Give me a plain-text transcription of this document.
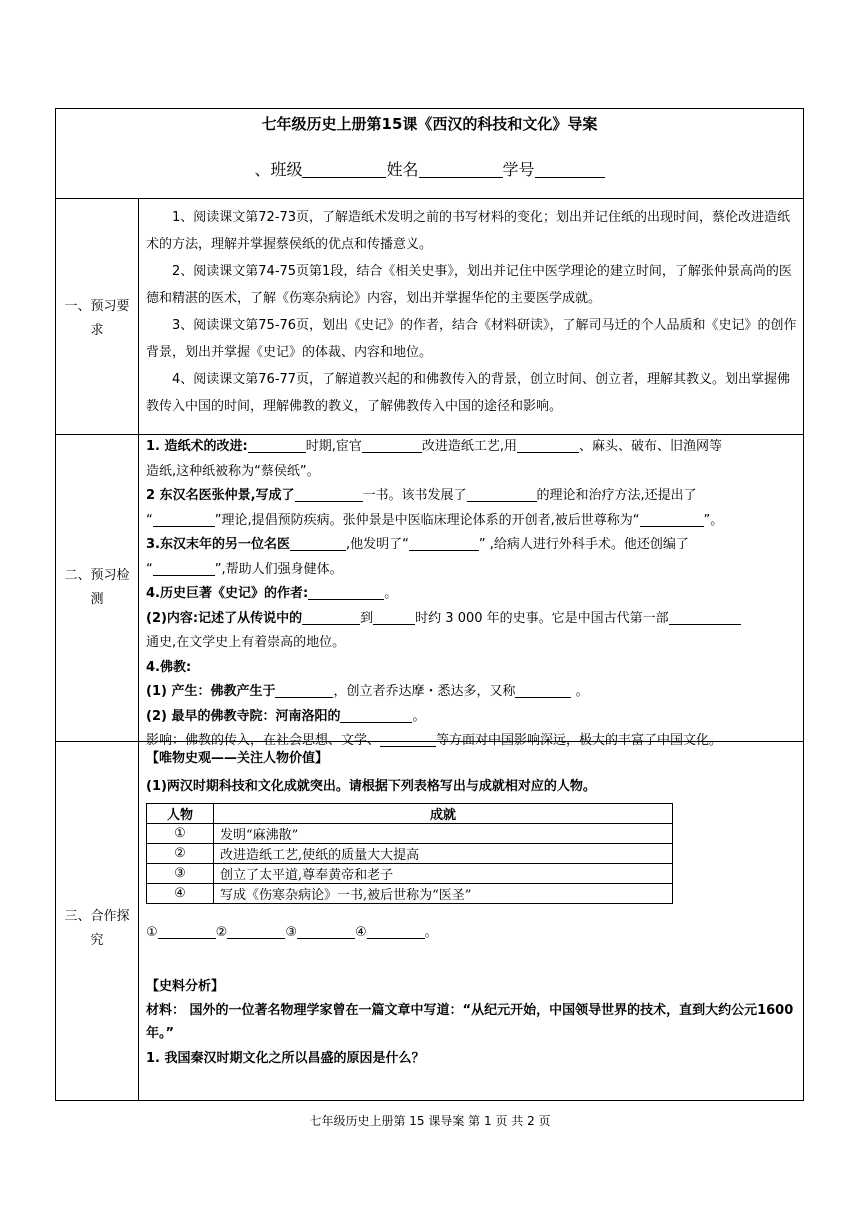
七年级历史上册第15课《西汉的科技和文化》导案
、班级	姓名	学号
一、预习要
求

1、阅读课文第72-73页，了解造纸术发明之前的书写材料的变化；划出并记住纸的出现时间，蔡伦改进造纸术的方法，理解并掌握蔡侯纸的优点和传播意义。

2、阅读课文第74-75页第1段，结合《相关史事》，划出并记住中医学理论的建立时间，了解张仲景高尚的医德和精湛的医术，了解《伤寒杂病论》内容，划出并掌握华佗的主要医学成就。

3、阅读课文第75-76页，划出《史记》的作者，结合《材料研读》，了解司马迁的个人品质和《史记》的创作背景，划出并掌握《史记》的体裁、内容和地位。

4、阅读课文第76-77页，了解道教兴起的和佛教传入的背景，创立时间、创立者，理解其教义。划出掌握佛教传入中国的时间，理解佛教的教义，了解佛教传入中国的途径和影响。

二、预习检
测

1. 造纸术的改进:	时期,宦官	改进造纸工艺,用	、麻头、破布、旧渔网等

造纸,这种纸被称为“蔡侯纸”。

2 东汉名医张仲景,写成了	一书。该书发展了	的理论和治疗方法,还提出了

“	”理论,提倡预防疾病。张仲景是中医临床理论体系的开创者,被后世尊称为“	”。

3.东汉末年的另一位名医	,他发明了“	” ,给病人进行外科手术。他还创编了

“	”,帮助人们强身健体。

4.历史巨著《史记》的作者:	。

(2)内容:记述了从传说中的	到	时约 3 000 年的史事。它是中国古代第一部

通史,在文学史上有着崇高的地位。

4.佛教:

(1) 产生：佛教产生于	，创立者乔达摩・悉达多，又称	。

(2) 最早的佛教寺院：河南洛阳的	。

影响：佛教的传入，在社会思想、文学、	等方面对中国影响深远，极大的丰富了中国文化。

三、合作探
究
【唯物史观——关注人物价值】
(1)两汉时期科技和文化成就突出。请根据下列表格写出与成就相对应的人物。
人物	成就
①	发明“麻沸散”
②	改进造纸工艺,使纸的质量大大提高
③	创立了太平道,尊奉黄帝和老子
④	写成《伤寒杂病论》一书,被后世称为“医圣”
①	②	③	④	。
【史料分析】
材料： 国外的一位著名物理学家曾在一篇文章中写道：“从纪元开始，中国领导世界的技术，直到大约公元1600年。”
1. 我国秦汉时期文化之所以昌盛的原因是什么？
七年级历史上册第 15 课导案 第 1 页 共 2 页
